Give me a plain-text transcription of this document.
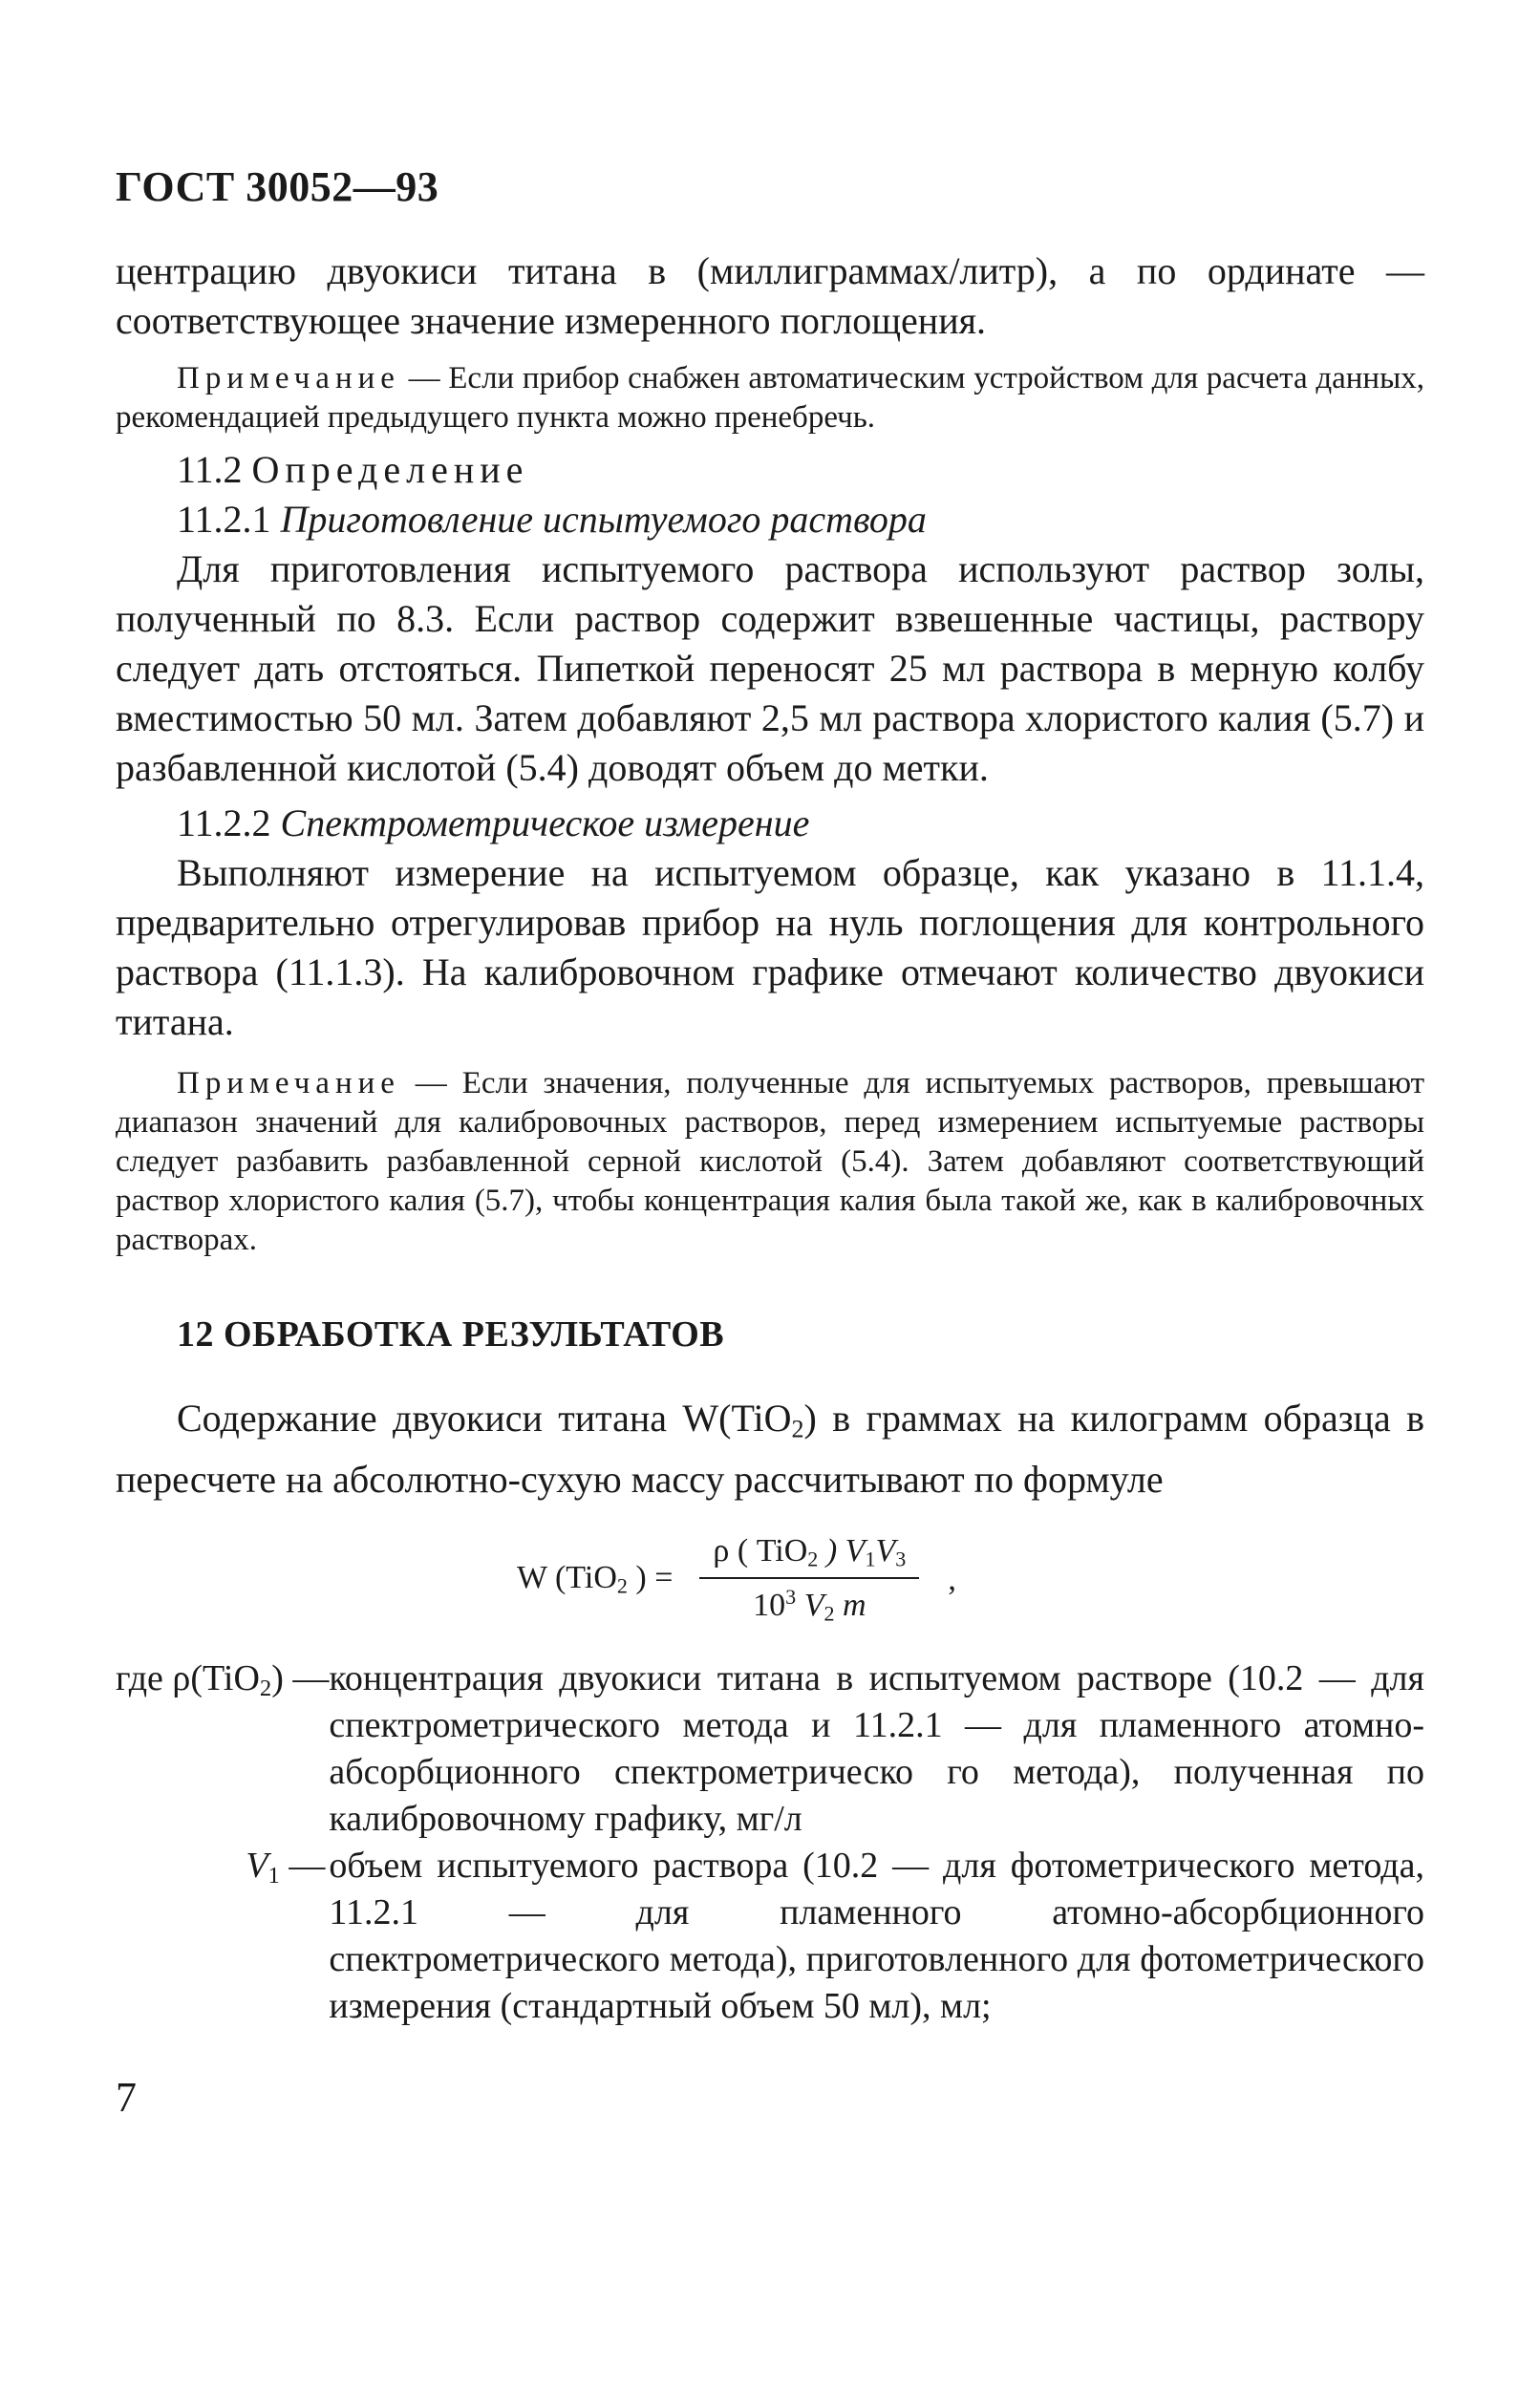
ГОСТ 30052—93

центрацию двуокиси титана в (миллиграммах/литр), а по ординате — соответствующее значение измеренного поглощения.

Примечание — Если прибор снабжен автоматическим устройством для расчета данных, рекомендацией предыдущего пункта можно пренебречь.

11.2 Определение

11.2.1 Приготовление испытуемого раствора

Для приготовления испытуемого раствора используют раствор золы, полученный по 8.3. Если раствор содержит взвешенные частицы, раствору следует дать отстояться. Пипеткой переносят 25 мл раствора в мерную колбу вместимостью 50 мл. Затем добавляют 2,5 мл раствора хлористого калия (5.7) и разбавленной кислотой (5.4) доводят объем до метки.

11.2.2 Спектрометрическое измерение

Выполняют измерение на испытуемом образце, как указано в 11.1.4, предварительно отрегулировав прибор на нуль поглощения для контрольного раствора (11.1.3). На калибровочном графике отмечают количество двуокиси титана.

Примечание — Если значения, полученные для испытуемых растворов, превышают диапазон значений для калибровочных растворов, перед измерением испытуемые растворы следует разбавить разбавленной серной кислотой (5.4). Затем добавляют соответствующий раствор хлористого калия (5.7), чтобы концентрация калия была такой же, как в калибровочных растворах.

12 ОБРАБОТКА РЕЗУЛЬТАТОВ

Содержание двуокиси титана W(TiO$_2$) в граммах на килограмм образца в пересчете на абсолютно-сухую массу рассчитывают по формуле

W (TiO$_2$ ) = $\frac{\rho ( TiO_2 ) V_1V_3}{10^3 V_2 m}$ ,
где ρ(TiO$_2$) —	концентрация двуокиси титана в испытуемом растворе (10.2 — для спектрометрического метода и 11.2.1 — для пламенного атомно-абсорбционного спектрометрическо го метода), полученная по калибровочному графику, мг/л
$V_1$ —	объем испытуемого раствора (10.2 — для фотометрического метода, 11.2.1 — для пламенного атомно-абсорбционного спектрометрического метода), приготовленного для фотометрического измерения (стандартный объем 50 мл), мл;
7
